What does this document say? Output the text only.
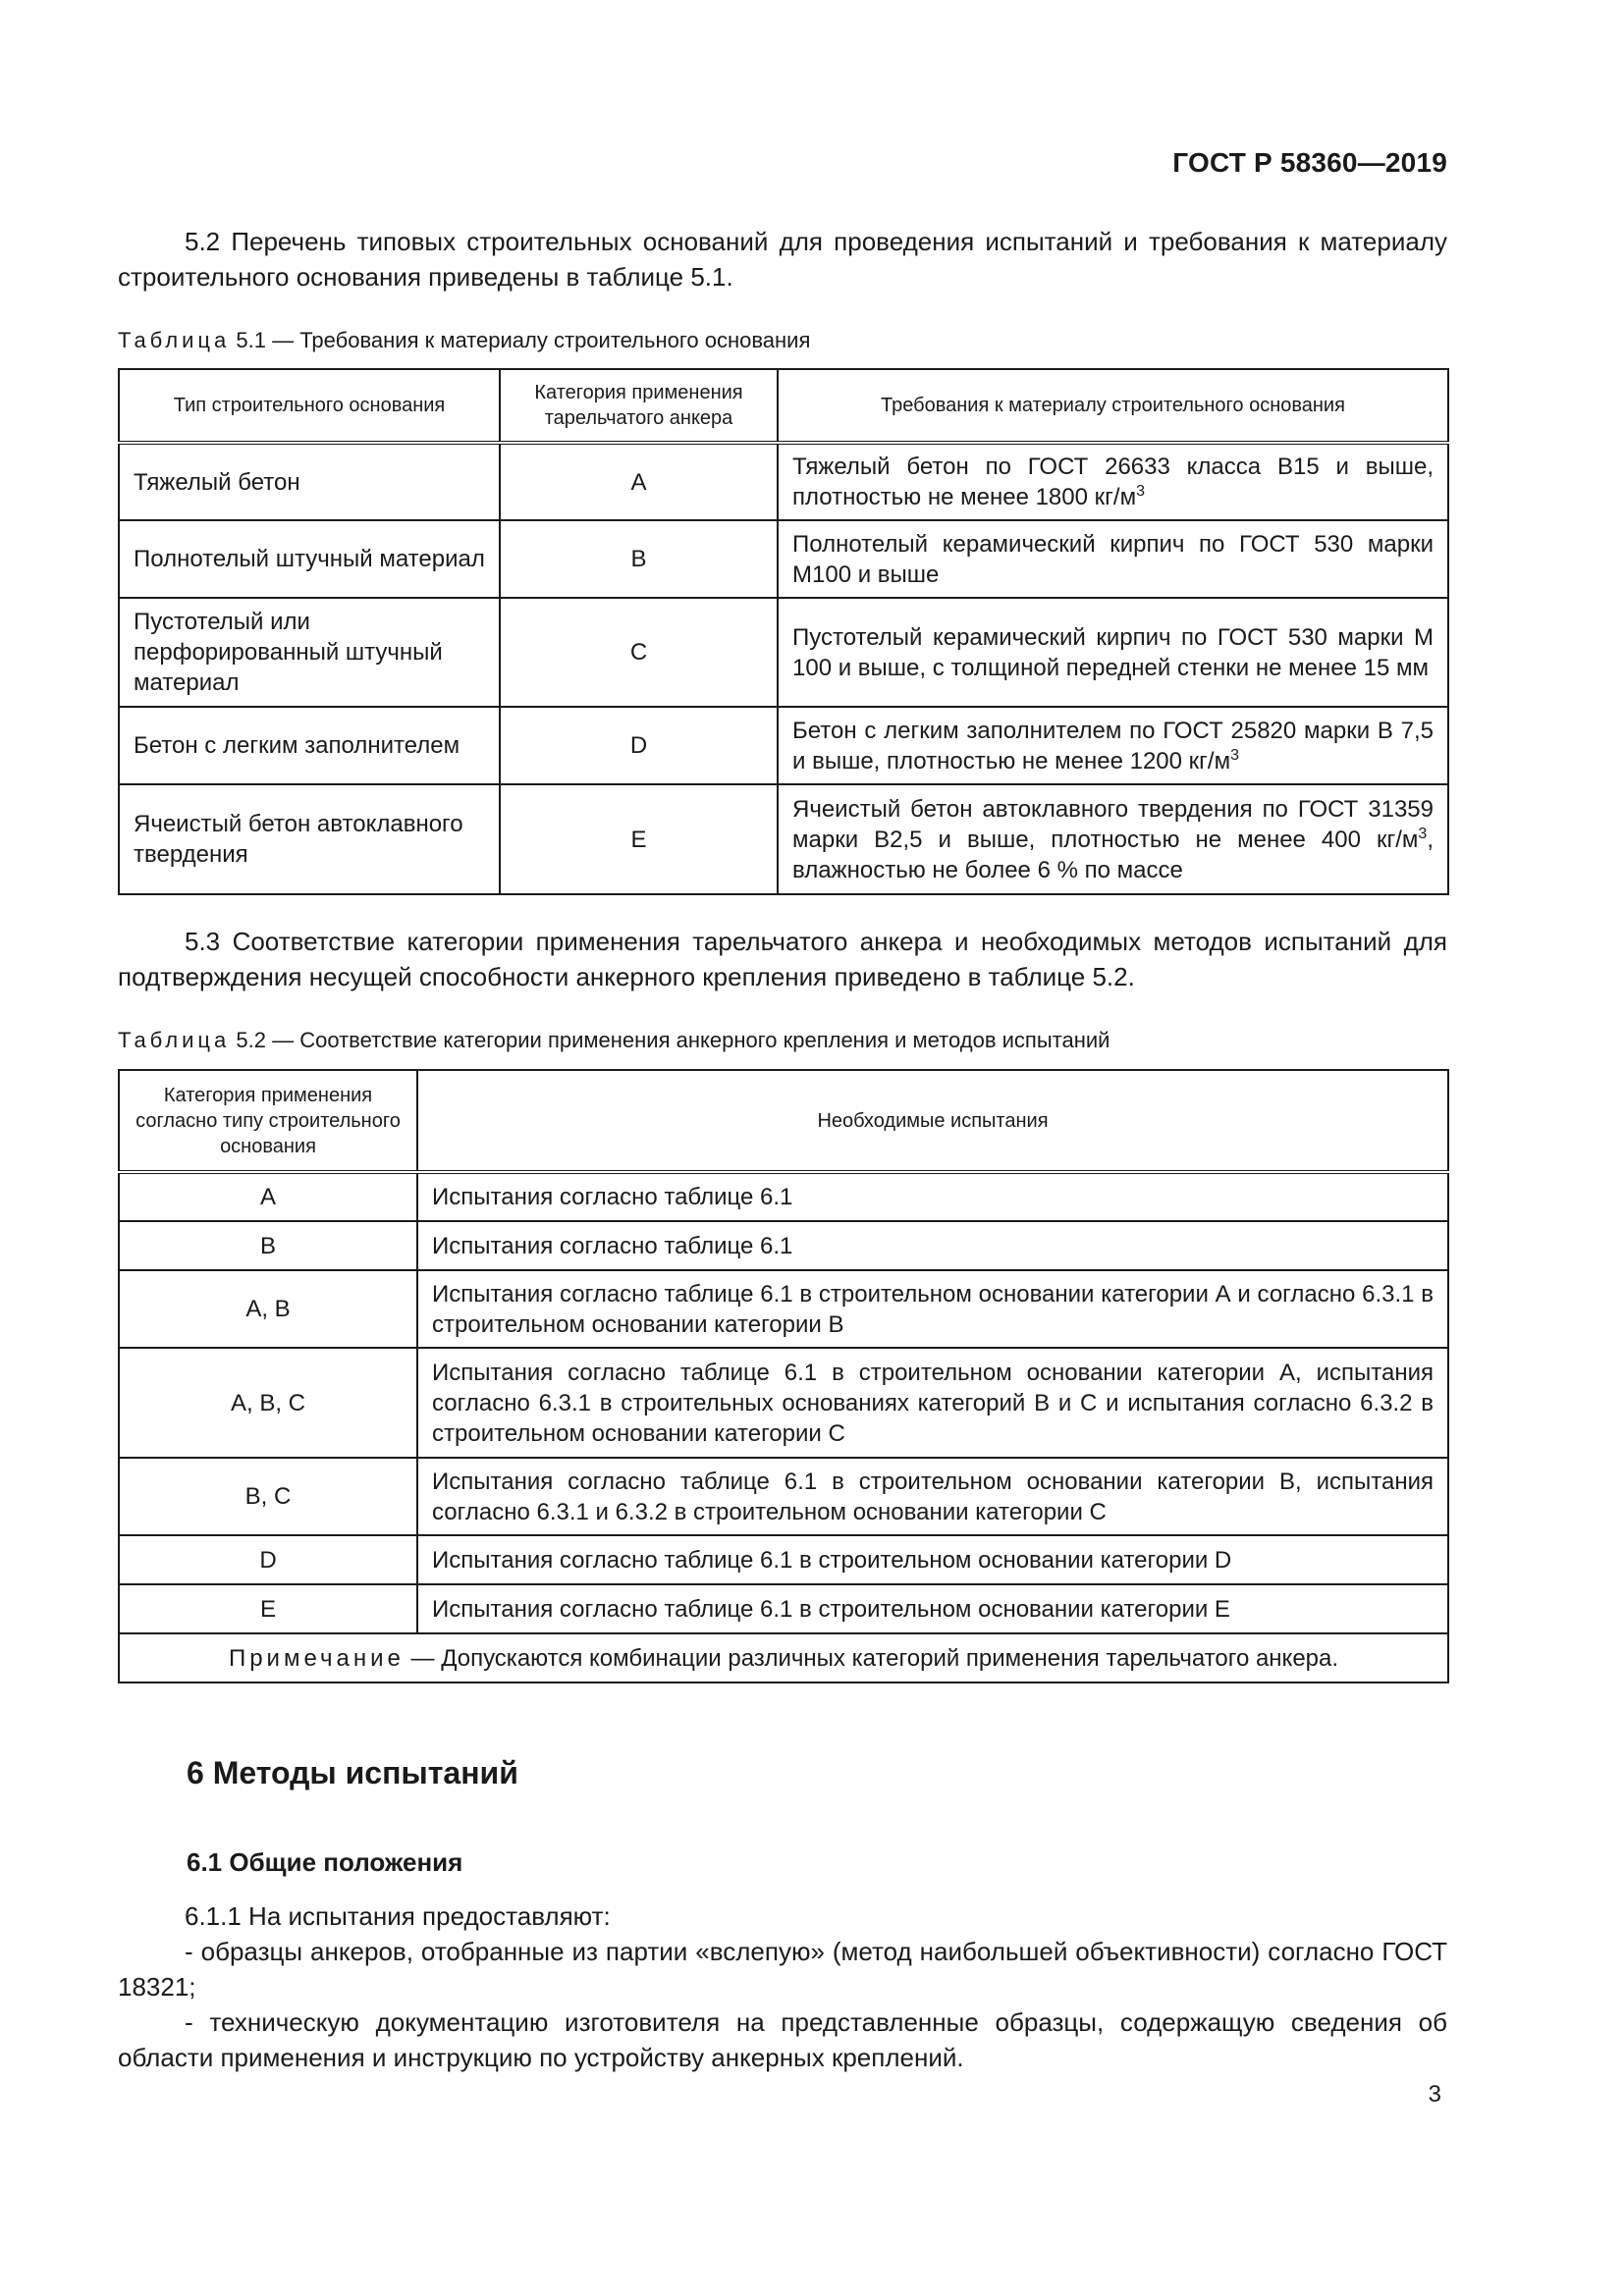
ГОСТ Р 58360—2019

5.2 Перечень типовых строительных оснований для проведения испытаний и требования к материалу строительного основания приведены в таблице 5.1.

Таблица 5.1 — Требования к материалу строительного основания
Тип строительного основания	Категория применения тарельчатого анкера	Требования к материалу строительного основания
Тяжелый бетон	A	Тяжелый бетон по ГОСТ 26633 класса В15 и выше, плотностью не менее 1800 $кг/м^3$
Полнотелый штучный материал	B	Полнотелый керамический кирпич по ГОСТ 530 марки М100 и выше
Пустотелый или перфорированный штучный материал	C	Пустотелый керамический кирпич по ГОСТ 530 марки М 100 и выше, с толщиной передней стенки не менее 15 мм
Бетон с легким заполнителем	D	Бетон с легким заполнителем по ГОСТ 25820 марки В 7,5 и выше, плотностью не менее 1200 $кг/м^3$
Ячеистый бетон автоклавного твердения	E	Ячеистый бетон автоклавного твердения по ГОСТ 31359 марки В2,5 и выше, плотностью не менее 400 $кг/м^3$, влажностью не более 6 % по массе

5.3 Соответствие категории применения тарельчатого анкера и необходимых методов испытаний для подтверждения несущей способности анкерного крепления приведено в таблице 5.2.

Таблица 5.2 — Соответствие категории применения анкерного крепления и методов испытаний
Категория применения согласно типу строительного основания	Необходимые испытания
A	Испытания согласно таблице 6.1
B	Испытания согласно таблице 6.1
A, B	Испытания согласно таблице 6.1 в строительном основании категории А и согласно 6.3.1 в строительном основании категории В
A, B, C	Испытания согласно таблице 6.1 в строительном основании категории А, испытания согласно 6.3.1 в строительных основаниях категорий В и С и испытания согласно 6.3.2 в строительном основании категории С
B, C	Испытания согласно таблице 6.1 в строительном основании категории В, испытания согласно 6.3.1 и 6.3.2 в строительном основании категории С
D	Испытания согласно таблице 6.1 в строительном основании категории D
E	Испытания согласно таблице 6.1 в строительном основании категории Е
Примечание — Допускаются комбинации различных категорий применения тарельчатого анкера.	
6 Методы испытаний
6.1 Общие положения

6.1.1 На испытания предоставляют:

- образцы анкеров, отобранные из партии «вслепую» (метод наибольшей объективности) согласно ГОСТ 18321;

- техническую документацию изготовителя на представленные образцы, содержащую сведения об области применения и инструкцию по устройству анкерных креплений.

3
